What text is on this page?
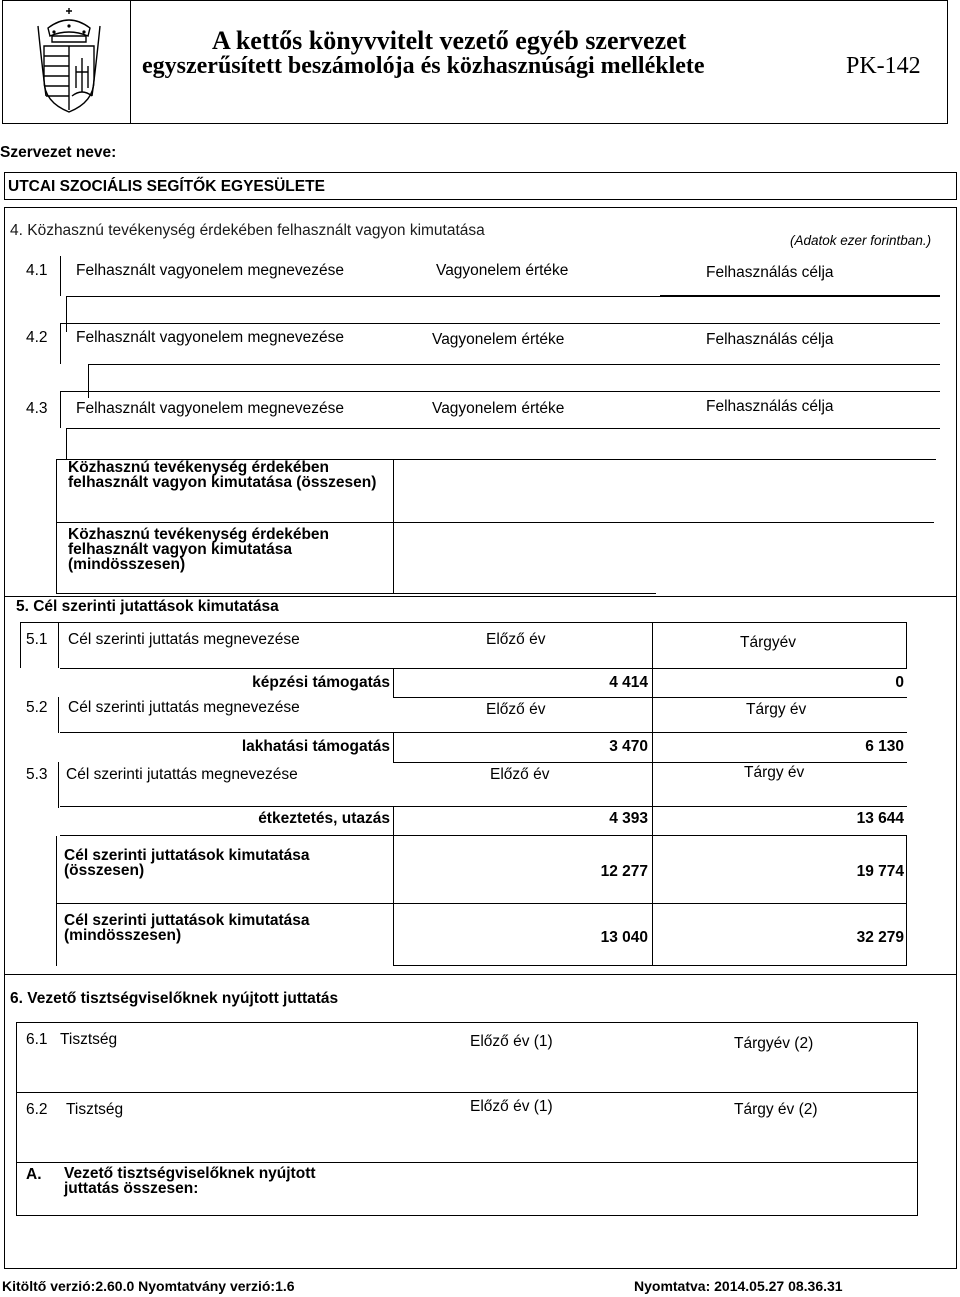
A kettős könyvvitelt vezető egyéb szervezet
egyszerűsített beszámolója és közhasznúsági melléklete	PK-142
Szervezet neve:
UTCAI SZOCIÁLIS SEGÍTŐK EGYESÜLETE
4. Közhasznú tevékenység érdekében felhasznált vagyon kimutatása
(Adatok ezer forintban.)
4.1 Felhasznált vagyonelem megnevezése	Vagyonelem értéke	Felhasználás célja
4.2 Felhasznált vagyonelem megnevezése	Vagyonelem értéke	Felhasználás célja
4.3 Felhasznált vagyonelem megnevezése	Vagyonelem értéke	Felhasználás célja
Közhasznú tevékenység érdekében felhasznált vagyon kimutatása (összesen)
Közhasznú tevékenység érdekében felhasznált vagyon kimutatása (mindösszesen)
5. Cél szerinti jutattások kimutatása
5.1 Cél szerinti juttatás megnevezése	Előző év	Tárgyév
képzési támogatás	4 414	0
5.2 Cél szerinti juttatás megnevezése	Előző év	Tárgy év
lakhatási támogatás	3 470	6 130
5.3 Cél szerinti jutattás megnevezése	Előző év	Tárgy év
étkeztetés, utazás	4 393	13 644
Cél szerinti juttatások kimutatása (összesen)	12 277	19 774
Cél szerinti juttatások kimutatása (mindösszesen)	13 040	32 279
6. Vezető tisztségviselőknek nyújtott juttatás
6.1 Tisztség	Előző év (1)	Tárgyév (2)
6.2 Tisztség	Előző év (1)	Tárgy év (2)
A. Vezető tisztségviselőknek nyújtott juttatás összesen:
Kitöltő verzió:2.60.0 Nyomtatvány verzió:1.6	Nyomtatva: 2014.05.27 08.36.31
